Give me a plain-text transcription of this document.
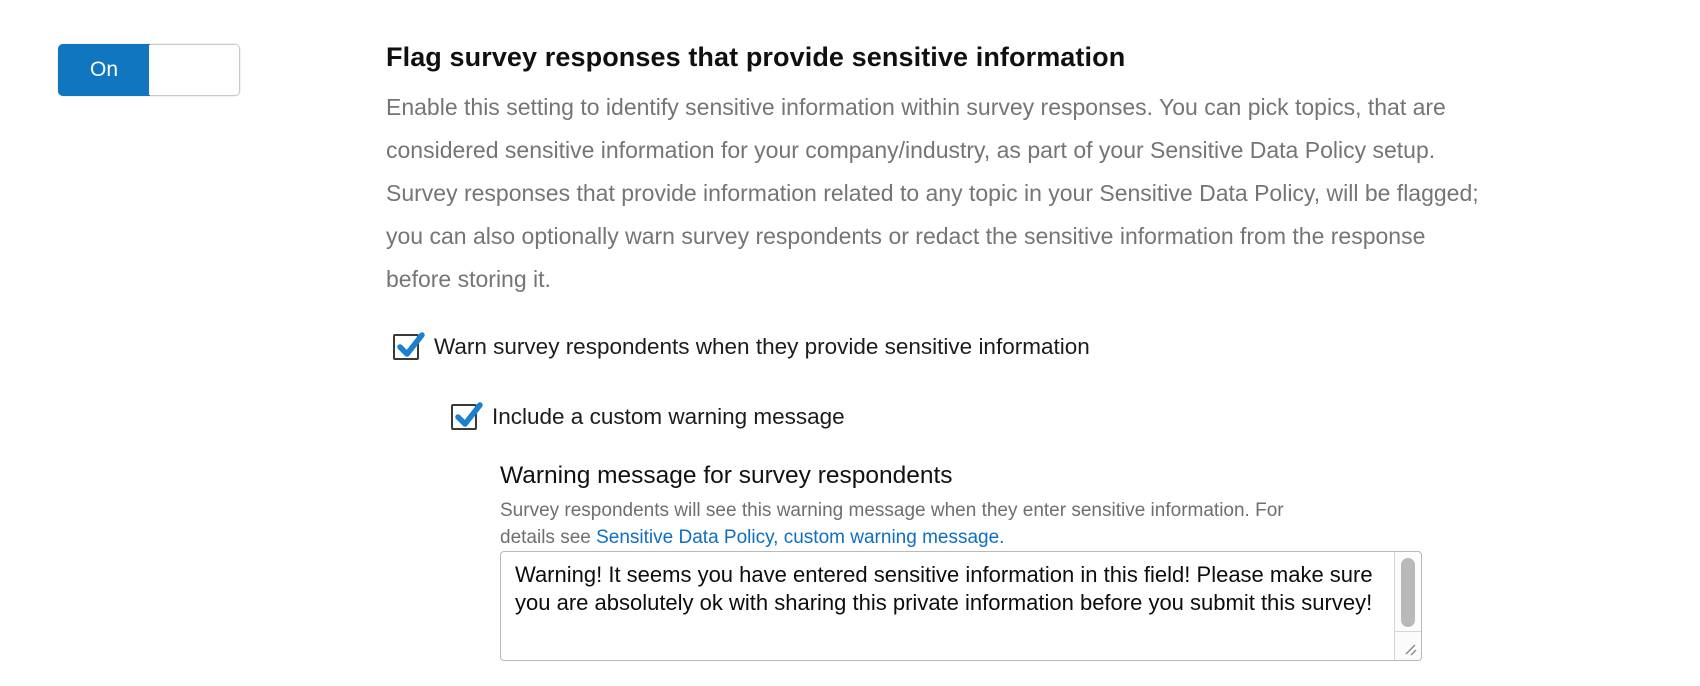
On	Flag survey responses that provide sensitive information
Enable this setting to identify sensitive information within survey responses. You can pick topics, that are considered sensitive information for your company/industry, as part of your Sensitive Data Policy setup. Survey responses that provide information related to any topic in your Sensitive Data Policy, will be flagged; you can also optionally warn survey respondents or redact the sensitive information from the response before storing it.
Warn survey respondents when they provide sensitive information
Include a custom warning message
Warning message for survey respondents
Survey respondents will see this warning message when they enter sensitive information. For
details see Sensitive Data Policy, custom warning message.
Warning! It seems you have entered sensitive information in this field! Please make sure you are absolutely ok with sharing this private information before you submit this survey!
